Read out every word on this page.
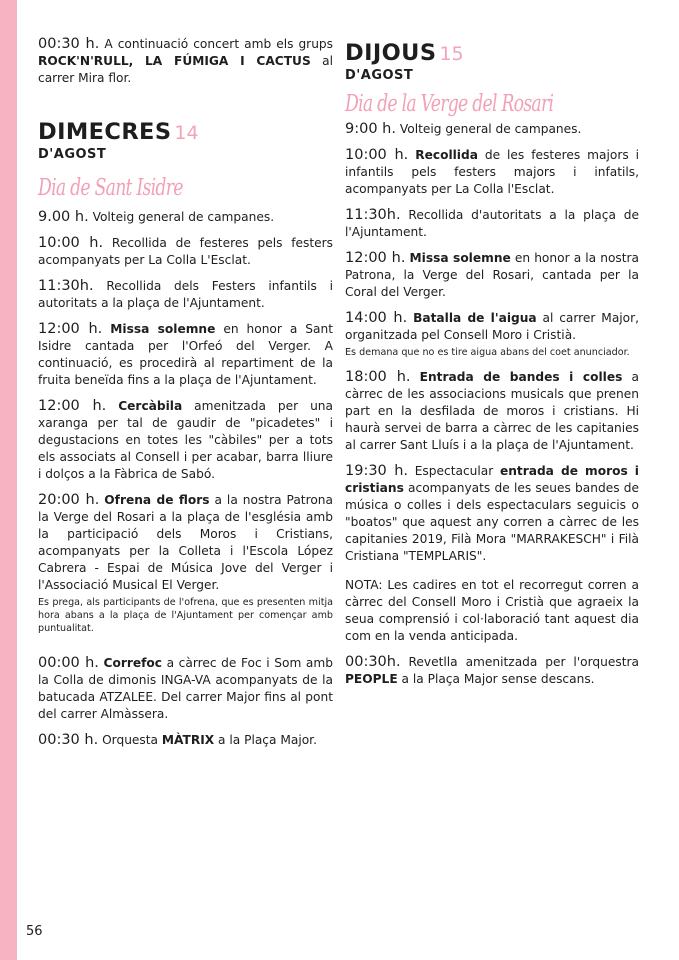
00:30 h. A continuació concert amb els grups ROCK'N'RULL, LA FÚMIGA I CACTUS al carrer Mira flor.

DIMECRES 14
D'AGOST
Dia de Sant Isidre

9.00 h. Volteig general de campanes.

10:00 h. Recollida de festeres pels festers acompanyats per La Colla L'Esclat.

11:30h. Recollida dels Festers infantils i autoritats a la plaça de l'Ajuntament.

12:00 h. Missa solemne en honor a Sant Isidre cantada per l'Orfeó del Verger. A continuació, es procedirà al repartiment de la fruita beneïda fins a la plaça de l'Ajuntament.

12:00 h. Cercàbila amenitzada per una xaranga per tal de gaudir de "picadetes" i degustacions en totes les "càbiles" per a tots els associats al Consell i per acabar, barra lliure i dolços a la Fàbrica de Sabó.

20:00 h. Ofrena de flors a la nostra Patrona la Verge del Rosari a la plaça de l'església amb la participació dels Moros i Cristians, acompanyats per la Colleta i l'Escola López Cabrera - Espai de Música Jove del Verger i l'Associació Musical El Verger.

Es prega, als participants de l'ofrena, que es presenten mitja hora abans a la plaça de l'Ajuntament per començar amb puntualitat.

00:00 h. Correfoc a càrrec de Foc i Som amb la Colla de dimonis INGA-VA acompanyats de la batucada ATZALEE. Del carrer Major fins al pont del carrer Almàssera.

00:30 h. Orquesta MÀTRIX a la Plaça Major.

DIJOUS 15
D'AGOST
Dia de la Verge del Rosari

9:00 h. Volteig general de campanes.

10:00 h. Recollida de les festeres majors i infantils pels festers majors i infatils, acompanyats per La Colla l'Esclat.

11:30h. Recollida d'autoritats a la plaça de l'Ajuntament.

12:00 h. Missa solemne en honor a la nostra Patrona, la Verge del Rosari, cantada per la Coral del Verger.

14:00 h. Batalla de l'aigua al carrer Major, organitzada pel Consell Moro i Cristià.

Es demana que no es tire aigua abans del coet anunciador.

18:00 h. Entrada de bandes i colles a càrrec de les associacions musicals que prenen part en la desfilada de moros i cristians. Hi haurà servei de barra a càrrec de les capitanies al carrer Sant Lluís i a la plaça de l'Ajuntament.

19:30 h. Espectacular entrada de moros i cristians acompanyats de les seues bandes de música o colles i dels espectaculars seguicis o "boatos" que aquest any corren a càrrec de les capitanies 2019, Filà Mora "MARRAKESCH" i Filà Cristiana "TEMPLARIS".

NOTA: Les cadires en tot el recorregut corren a càrrec del Consell Moro i Cristià que agraeix la seua comprensió i col·laboració tant aquest dia com en la venda anticipada.

00:30h. Revetlla amenitzada per l'orquestra PEOPLE a la Plaça Major sense descans.

56
